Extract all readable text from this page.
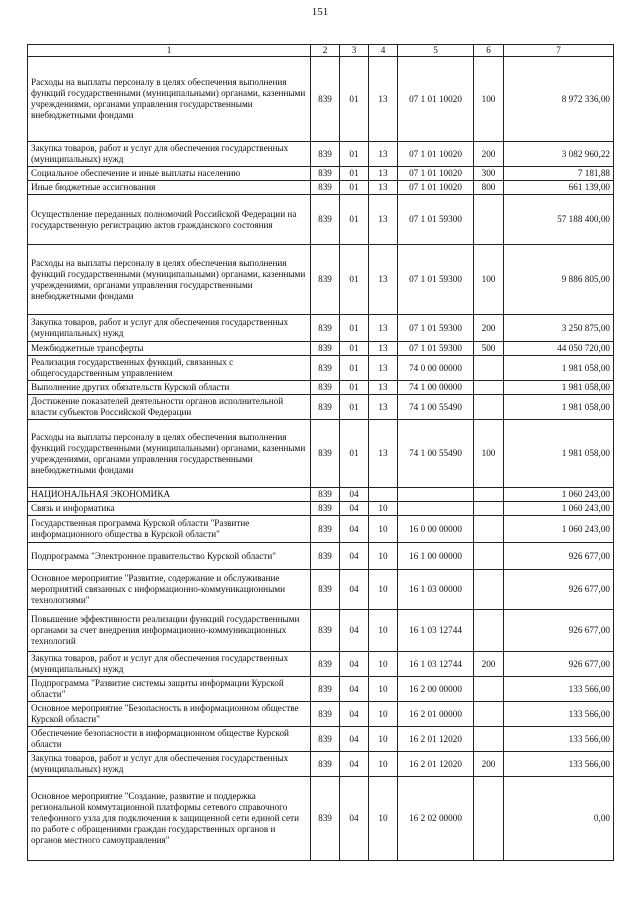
151
1	2	3	4	5	6	7
Расходы на выплаты персоналу в целях обеспечения выполнения функций государственными (муниципальными) органами, казенными учреждениями, органами управления государственными внебюджетными фондами	839	01	13	07 1 01 10020	100	8 972 336,00
Закупка товаров, работ и услуг для обеспечения государственных (муниципальных) нужд	839	01	13	07 1 01 10020	200	3 082 960,22
Социальное обеспечение и иные выплаты населению	839	01	13	07 1 01 10020	300	7 181,88
Иные бюджетные ассигнования	839	01	13	07 1 01 10020	800	661 139,00
Осуществление переданных полномочий Российской Федерации на государственную регистрацию актов гражданского состояния	839	01	13	07 1 01 59300		57 188 400,00
Расходы на выплаты персоналу в целях обеспечения выполнения функций государственными (муниципальными) органами, казенными учреждениями, органами управления государственными внебюджетными фондами	839	01	13	07 1 01 59300	100	9 886 805,00
Закупка товаров, работ и услуг для обеспечения государственных (муниципальных) нужд	839	01	13	07 1 01 59300	200	3 250 875,00
Межбюджетные трансферты	839	01	13	07 1 01 59300	500	44 050 720,00
Реализация государственных функций, связанных с общегосударственным управлением	839	01	13	74 0 00 00000		1 981 058,00
Выполнение других обязательств Курской области	839	01	13	74 1 00 00000		1 981 058,00
Достижение показателей деятельности органов исполнительной власти субъектов Российской Федерации	839	01	13	74 1 00 55490		1 981 058,00
Расходы на выплаты персоналу в целях обеспечения выполнения функций государственными (муниципальными) органами, казенными учреждениями, органами управления государственными внебюджетными фондами	839	01	13	74 1 00 55490	100	1 981 058,00
НАЦИОНАЛЬНАЯ ЭКОНОМИКА	839	04				1 060 243,00
Связь и информатика	839	04	10			1 060 243,00
Государственная программа Курской области "Развитие информационного общества в Курской области"	839	04	10	16 0 00 00000		1 060 243,00
Подпрограмма "Электронное правительство Курской области"	839	04	10	16 1 00 00000		926 677,00
Основное мероприятие "Развитие, содержание и обслуживание мероприятий связанных с информационно-коммуникационными технологиями"	839	04	10	16 1 03 00000		926 677,00
Повышение эффективности реализации функций государственными органами за счет внедрения информационно-коммуникационных технологий	839	04	10	16 1 03 12744		926 677,00
Закупка товаров, работ и услуг для обеспечения государственных (муниципальных) нужд	839	04	10	16 1 03 12744	200	926 677,00
Подпрограмма "Развитие системы защиты информации Курской области"	839	04	10	16 2 00 00000		133 566,00
Основное мероприятие "Безопасность в информационном обществе Курской области"	839	04	10	16 2 01 00000		133 566,00
Обеспечение безопасности в информационном обществе Курской области	839	04	10	16 2 01 12020		133 566,00
Закупка товаров, работ и услуг для обеспечения государственных (муниципальных) нужд	839	04	10	16 2 01 12020	200	133 566,00
Основное мероприятие "Создание, развитие и поддержка региональной коммутационной платформы сетевого справочного телефонного узла для подключения к защищенной сети единой сети по работе с обращениями граждан государственных органов и органов местного самоуправления"	839	04	10	16 2 02 00000		0,00
